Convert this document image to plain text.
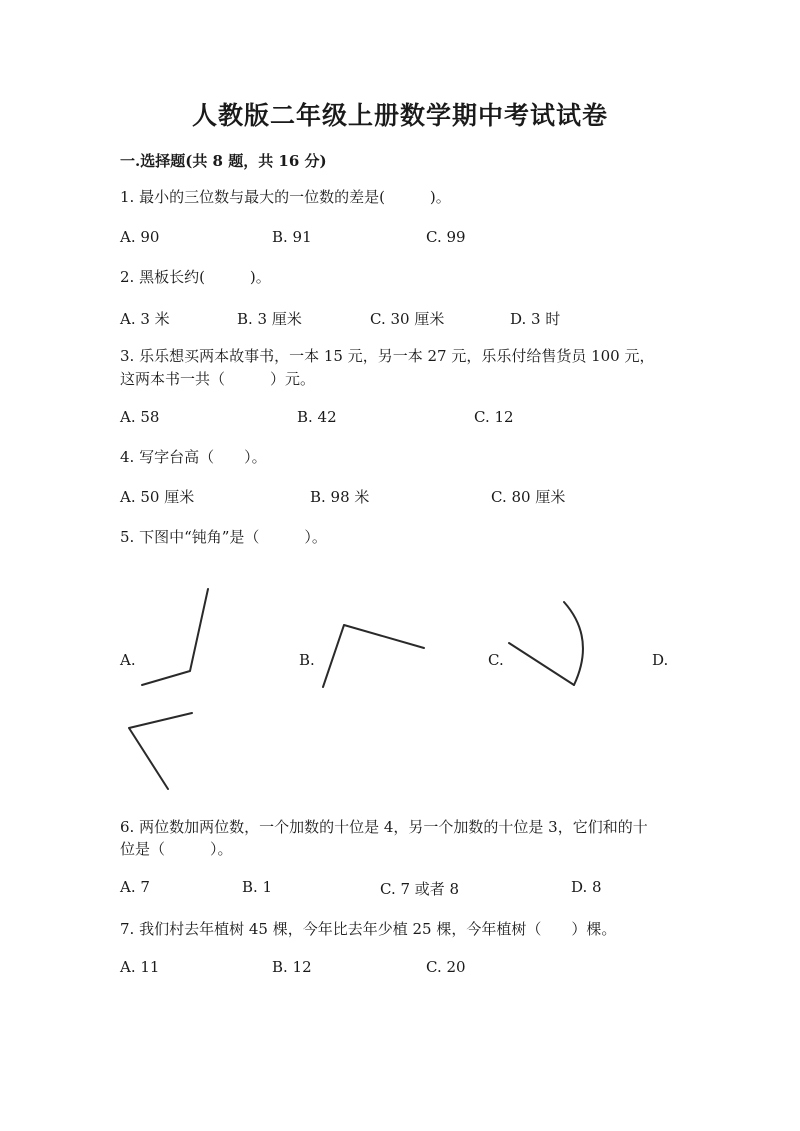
人教版二年级上册数学期中考试试卷
一.选择题(共 8 题，共 16 分)
1. 最小的三位数与最大的一位数的差是(　　　)。
A. 90	B. 91	C. 99
2. 黑板长约(　　　)。
A. 3 米	B. 3 厘米	C. 30 厘米	D. 3 时
3. 乐乐想买两本故事书，一本 15 元，另一本 27 元，乐乐付给售货员 100 元，
这两本书一共（　　　）元。
A. 58	B. 42	C. 12
4. 写字台高（　　）。
A. 50 厘米	B. 98 米	C. 80 厘米
5. 下图中“钝角”是（　　　）。
A.	B.	C.	D.
6. 两位数加两位数，一个加数的十位是 4，另一个加数的十位是 3，它们和的十
位是（　　　）。
A. 7	B. 1	C. 7 或者 8	D. 8
7. 我们村去年植树 45 棵，今年比去年少植 25 棵，今年植树（　　）棵。
A. 11	B. 12	C. 20
